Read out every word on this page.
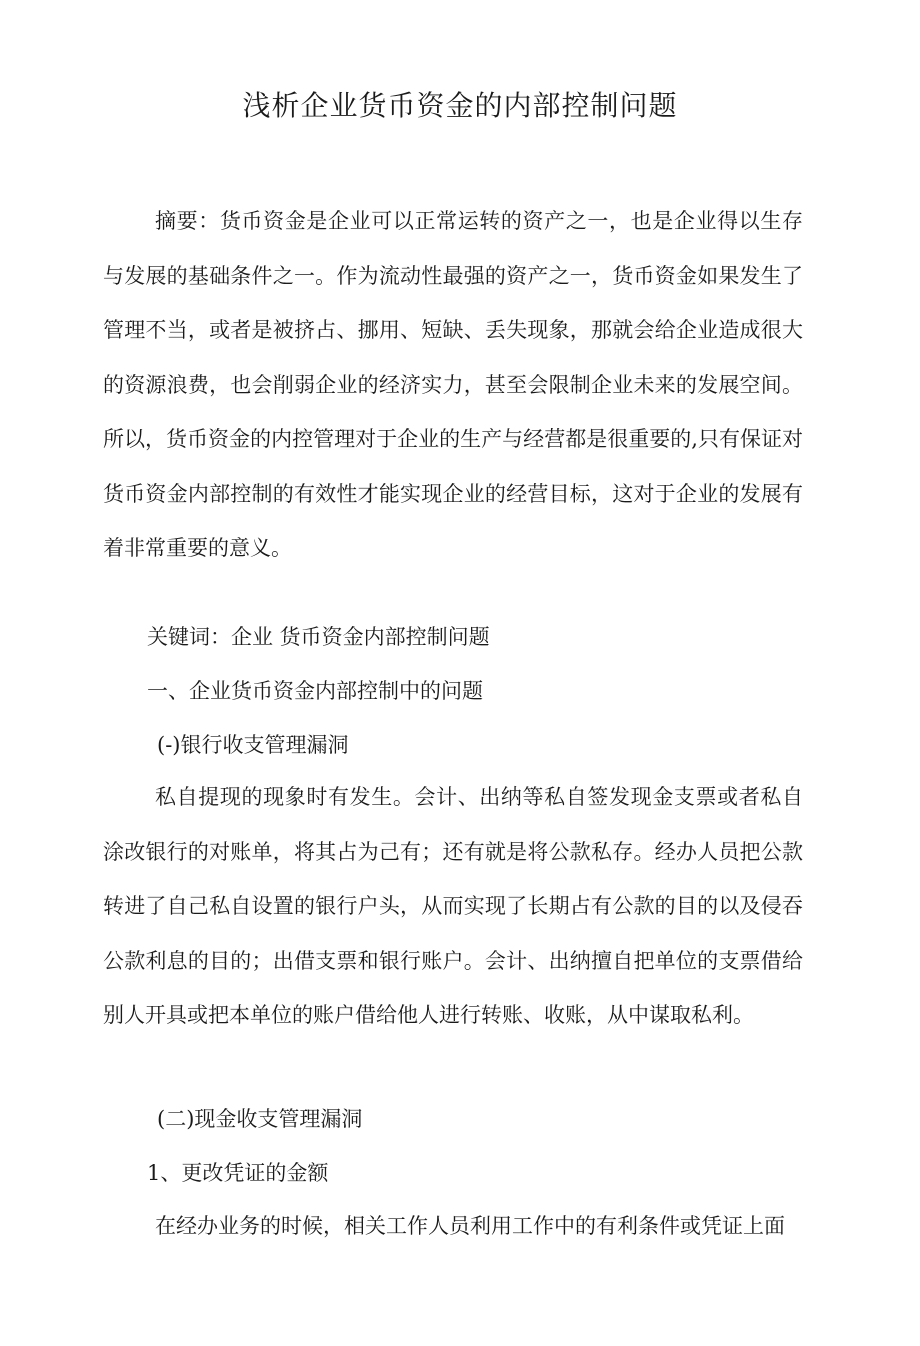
浅析企业货币资金的内部控制问题

摘要：货币资金是企业可以正常运转的资产之一，也是企业得以生存与发展的基础条件之一。作为流动性最强的资产之一，货币资金如果发生了管理不当，或者是被挤占、挪用、短缺、丢失现象，那就会给企业造成很大的资源浪费，也会削弱企业的经济实力，甚至会限制企业未来的发展空间。所以，货币资金的内控管理对于企业的生产与经营都是很重要的,只有保证对货币资金内部控制的有效性才能实现企业的经营目标，这对于企业的发展有着非常重要的意义。

关键词：企业 货币资金内部控制问题

一、企业货币资金内部控制中的问题

(-)银行收支管理漏洞

私自提现的现象时有发生。会计、出纳等私自签发现金支票或者私自涂改银行的对账单，将其占为己有；还有就是将公款私存。经办人员把公款转进了自己私自设置的银行户头，从而实现了长期占有公款的目的以及侵吞公款利息的目的；出借支票和银行账户。会计、出纳擅自把单位的支票借给别人开具或把本单位的账户借给他人进行转账、收账，从中谋取私利。

(二)现金收支管理漏洞

1、更改凭证的金额

在经办业务的时候，相关工作人员利用工作中的有利条件或凭证上面
